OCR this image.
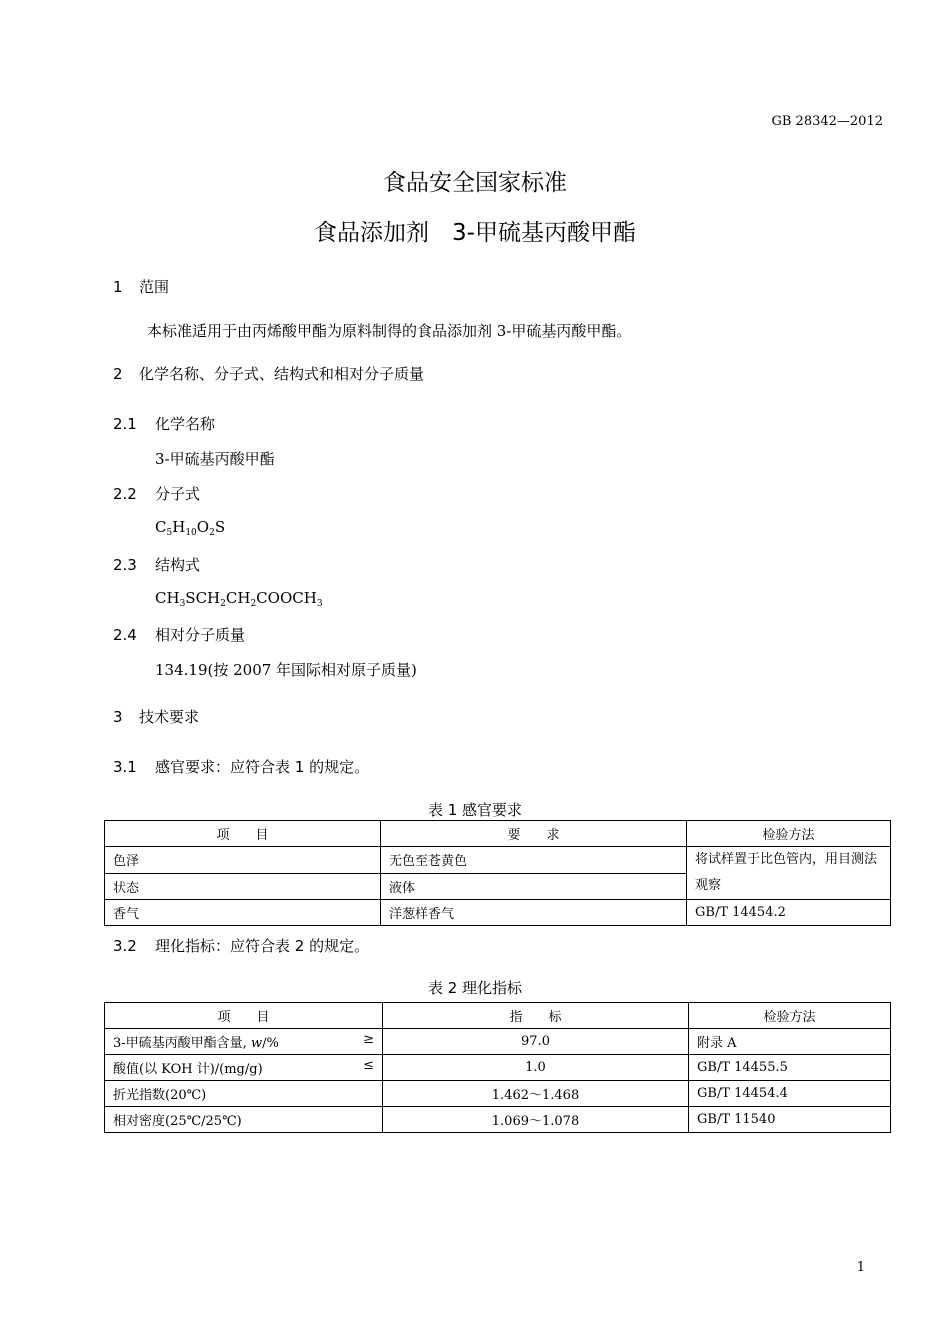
GB 28342—2012
食品安全国家标准
食品添加剂　3-甲硫基丙酸甲酯
1 范围
本标准适用于由丙烯酸甲酯为原料制得的食品添加剂 3-甲硫基丙酸甲酯。
2 化学名称、分子式、结构式和相对分子质量
2.1 化学名称
3-甲硫基丙酸甲酯
2.2 分子式
$C_5H_{10}O_2S$
2.3 结构式
$CH_3SCH_2CH_2COOCH_3$
2.4 相对分子质量
134.19(按 2007 年国际相对原子质量)
3 技术要求
3.1 感官要求：应符合表 1 的规定。
表 1 感官要求
项　　目	要　　求	检验方法
色泽	无色至苍黄色	将试样置于比色管内，用目测法观察
状态	液体	
香气	洋葱样香气	GB/T 14454.2
3.2 理化指标：应符合表 2 的规定。
表 2 理化指标
项　　目	指　　标	检验方法

3-甲硫基丙酸甲酯含量, w/% ≥	97.0	附录 A

酸值(以 KOH 计)/(mg/g) ≤	1.0	GB/T 14455.5
折光指数(20℃)	1.462～1.468	GB/T 14454.4
相对密度(25℃/25℃)	1.069～1.078	GB/T 11540
1
